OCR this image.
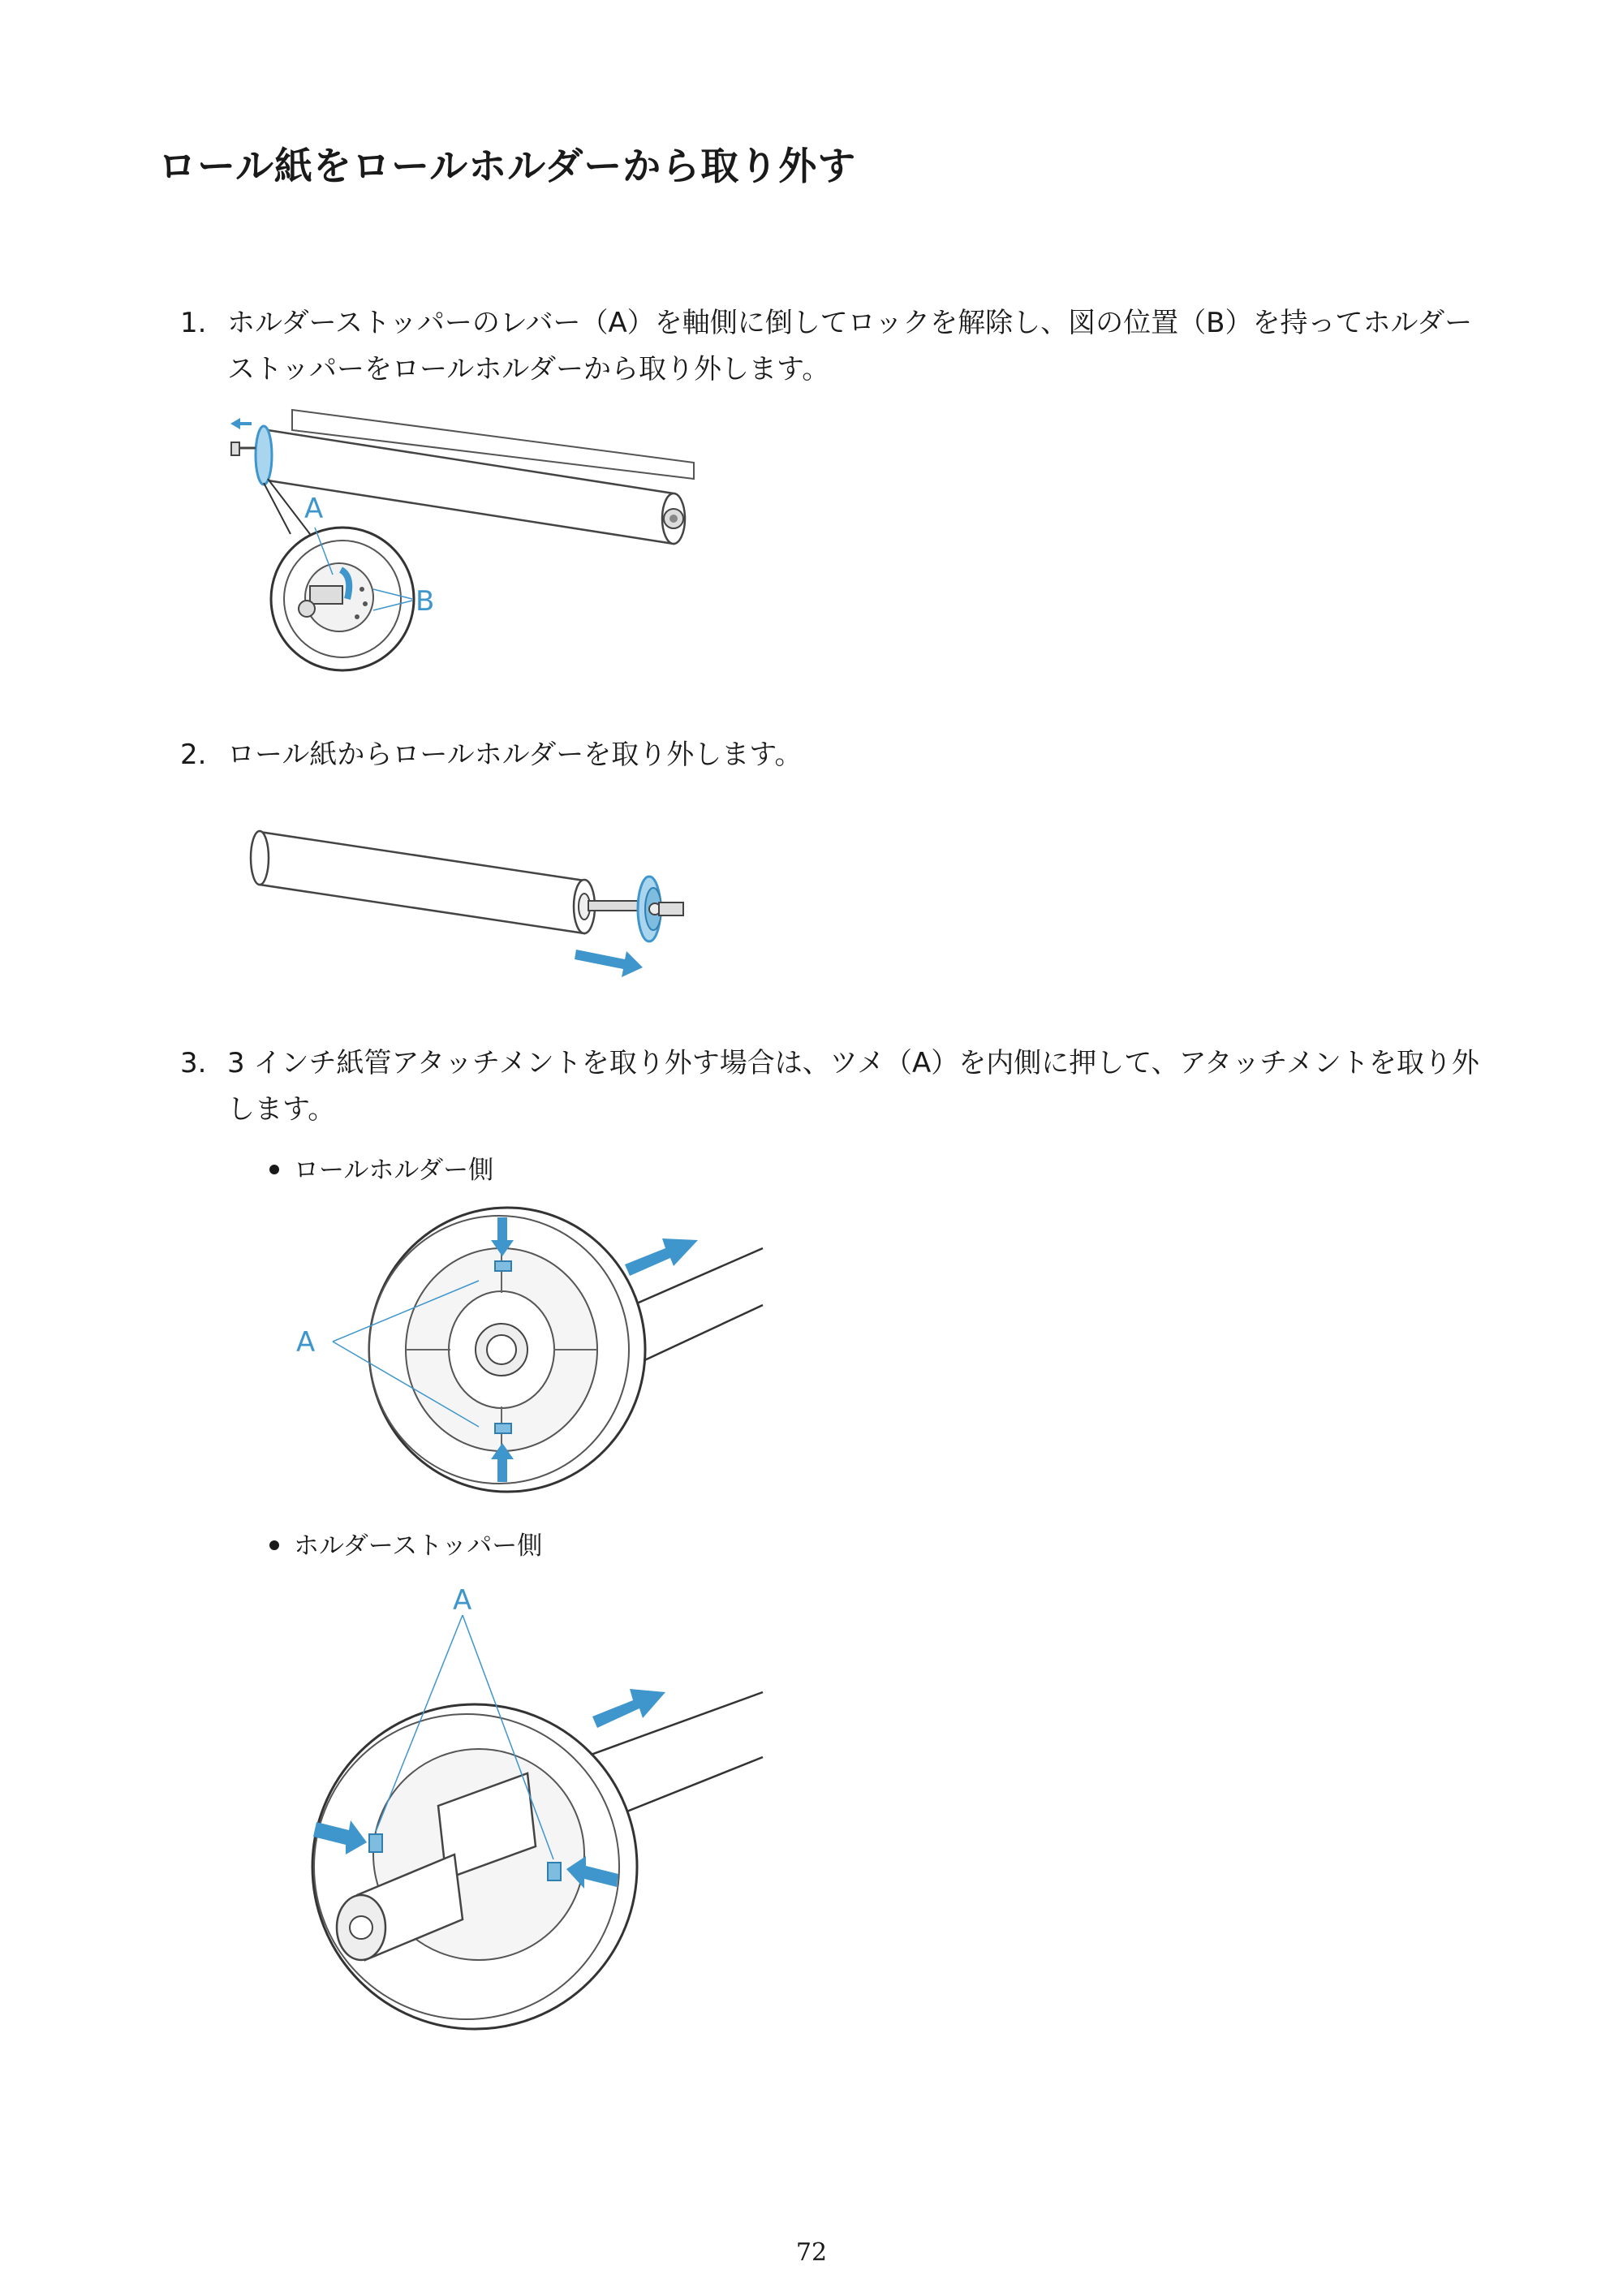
ロール紙をロールホルダーから取り外す
1. ホルダーストッパーのレバー（A）を軸側に倒してロックを解除し、図の位置（B）を持ってホルダーストッパーをロールホルダーから取り外します。
A
B
2. ロール紙からロールホルダーを取り外します。
3. 3 インチ紙管アタッチメントを取り外す場合は、ツメ（A）を内側に押して、アタッチメントを取り外します。
ロールホルダー側
A
ホルダーストッパー側
A
72
